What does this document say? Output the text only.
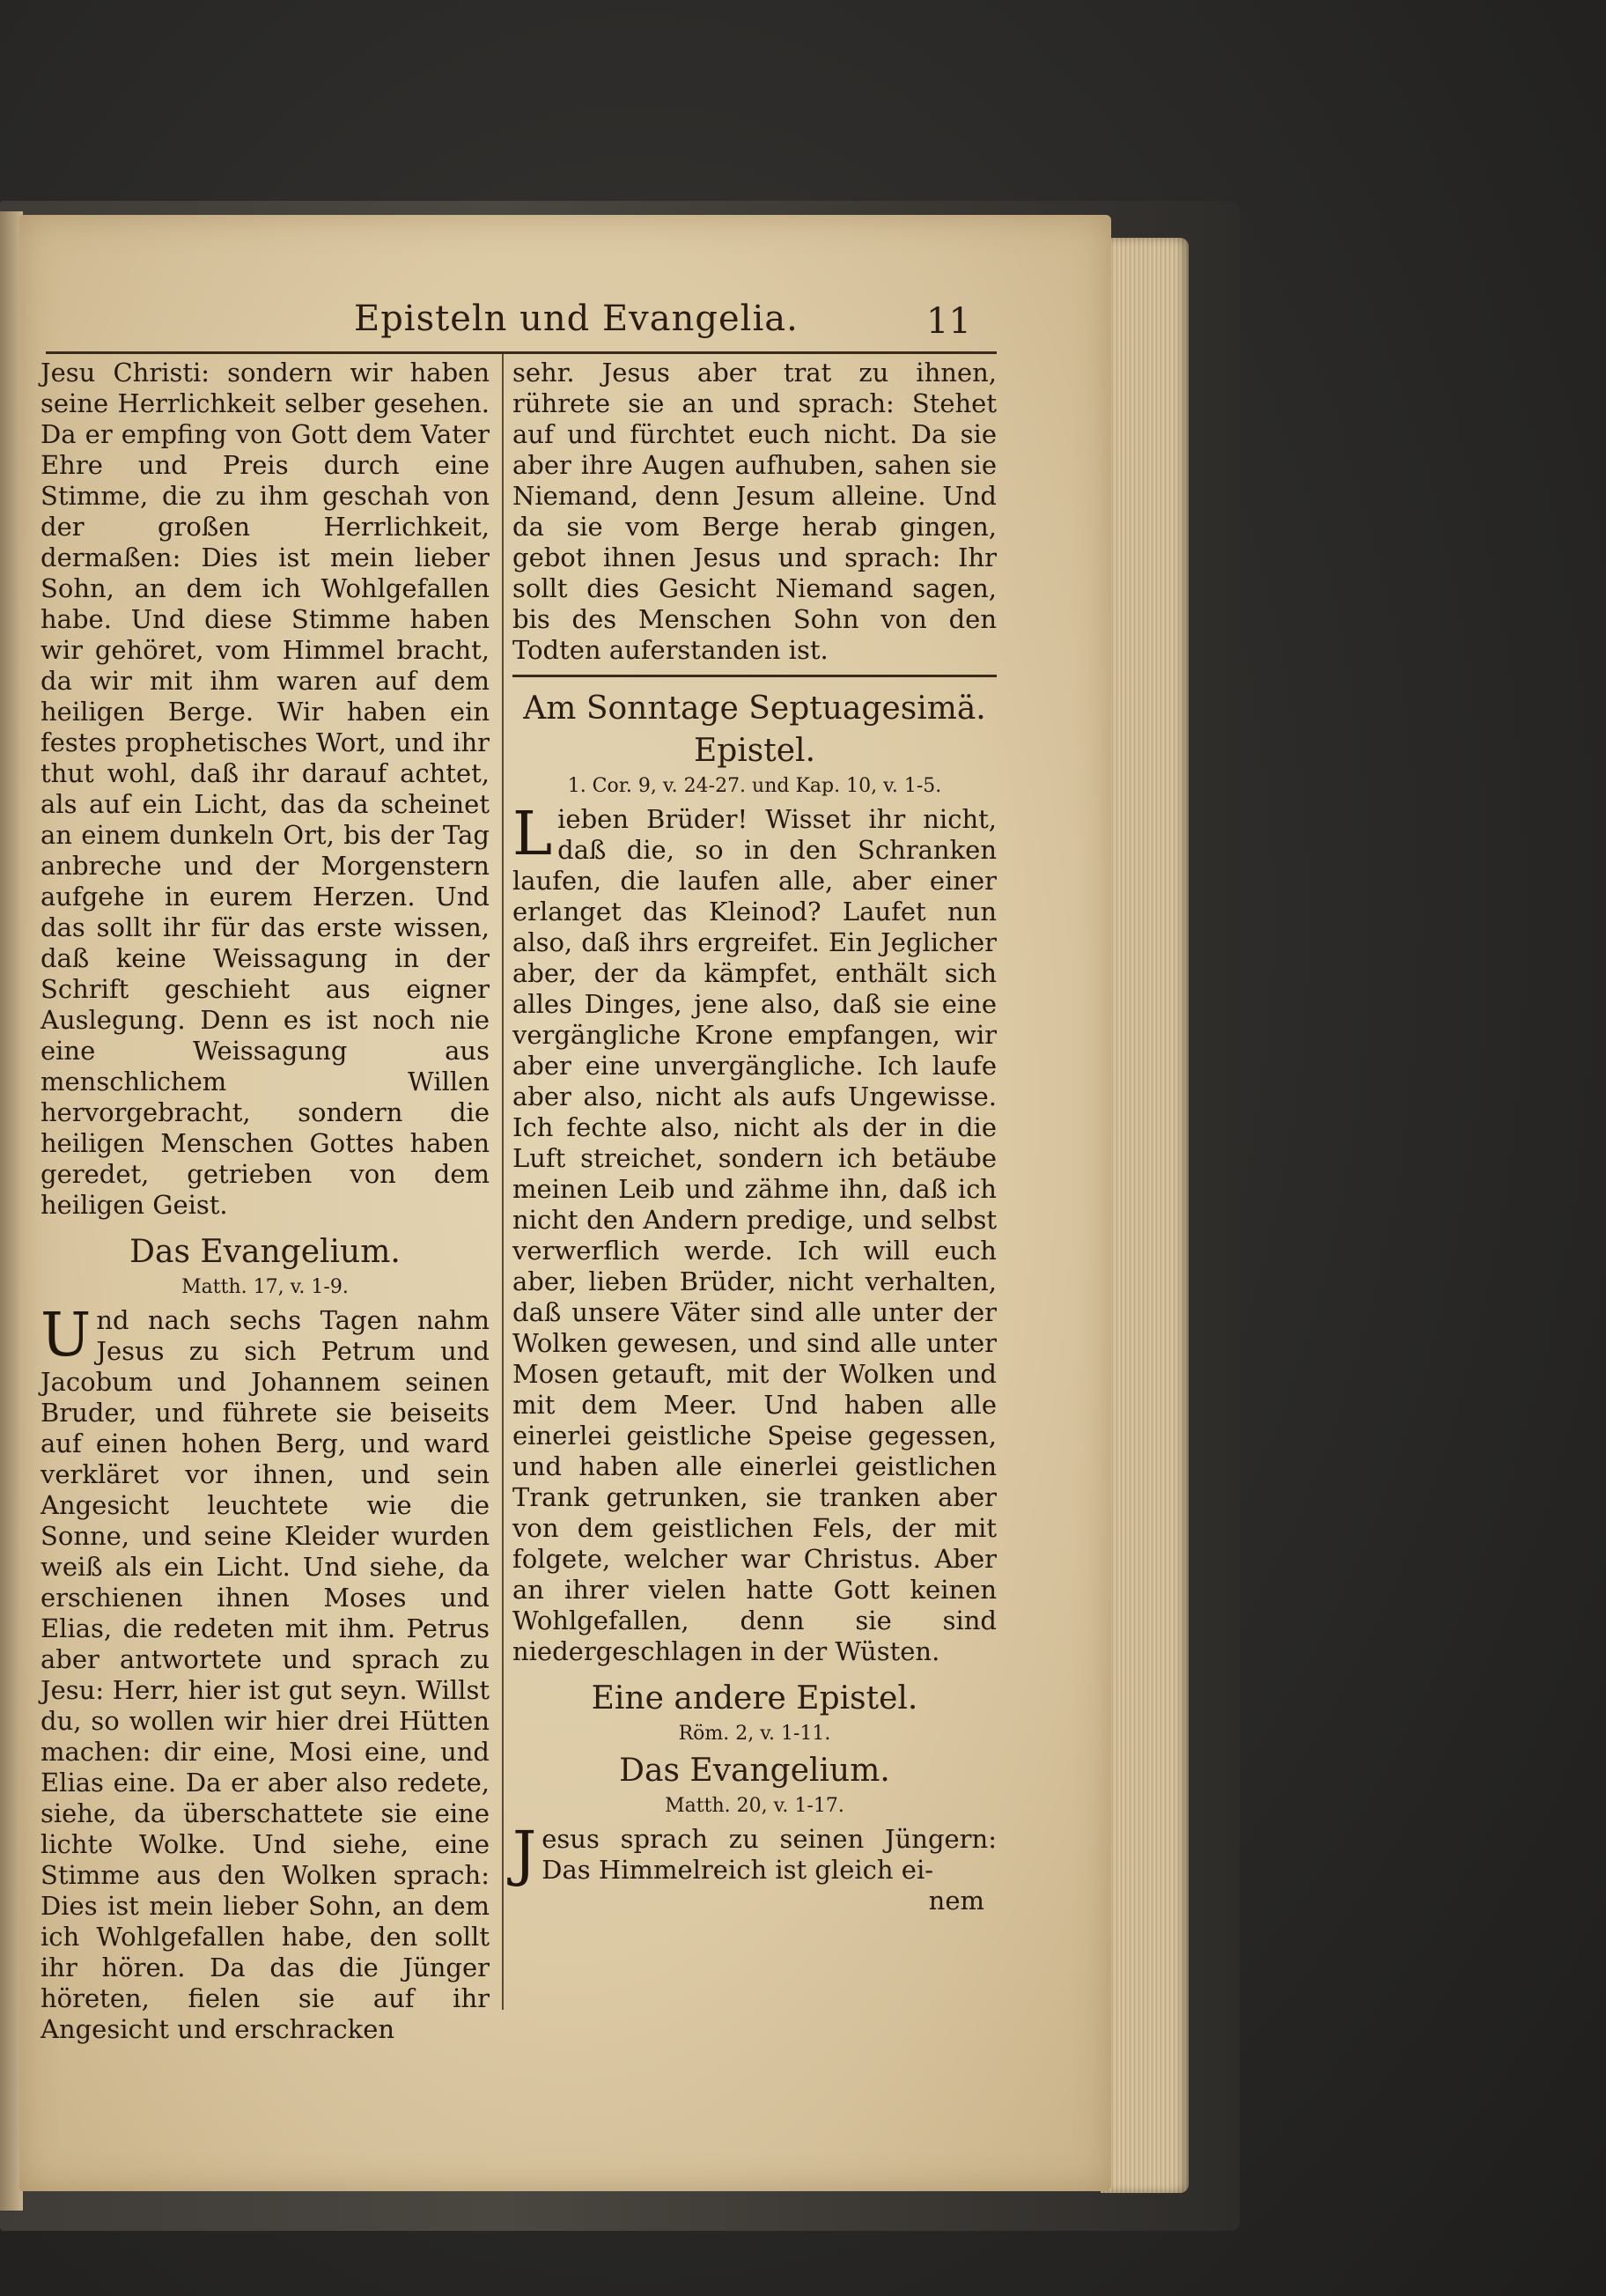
Episteln und Evangelia.	11

Jesu Christi: sondern wir haben seine Herrlichkeit selber gesehen. Da er empfing von Gott dem Vater Ehre und Preis durch eine Stimme, die zu ihm geschah von der großen Herrlichkeit, dermaßen: Dies ist mein lieber Sohn, an dem ich Wohlgefallen habe. Und diese Stimme haben wir gehöret, vom Himmel bracht, da wir mit ihm waren auf dem heiligen Berge. Wir haben ein festes prophetisches Wort, und ihr thut wohl, daß ihr darauf achtet, als auf ein Licht, das da scheinet an einem dunkeln Ort, bis der Tag anbreche und der Morgenstern aufgehe in eurem Herzen. Und das sollt ihr für das erste wissen, daß keine Weissagung in der Schrift geschieht aus eigner Auslegung. Denn es ist noch nie eine Weissagung aus menschlichem Willen hervorgebracht, sondern die heiligen Menschen Gottes haben geredet, getrieben von dem heiligen Geist.

Das Evangelium.
Matth. 17, v. 1-9.

Und nach sechs Tagen nahm Jesus zu sich Petrum und Jacobum und Johannem seinen Bruder, und führete sie beiseits auf einen hohen Berg, und ward verkläret vor ihnen, und sein Angesicht leuchtete wie die Sonne, und seine Kleider wurden weiß als ein Licht. Und siehe, da erschienen ihnen Moses und Elias, die redeten mit ihm. Petrus aber antwortete und sprach zu Jesu: Herr, hier ist gut seyn. Willst du, so wollen wir hier drei Hütten machen: dir eine, Mosi eine, und Elias eine. Da er aber also redete, siehe, da überschattete sie eine lichte Wolke. Und siehe, eine Stimme aus den Wolken sprach: Dies ist mein lieber Sohn, an dem ich Wohlgefallen habe, den sollt ihr hören. Da das die Jünger höreten, fielen sie auf ihr Angesicht und erschracken

sehr. Jesus aber trat zu ihnen, rührete sie an und sprach: Stehet auf und fürchtet euch nicht. Da sie aber ihre Augen aufhuben, sahen sie Niemand, denn Jesum alleine. Und da sie vom Berge herab gingen, gebot ihnen Jesus und sprach: Ihr sollt dies Gesicht Niemand sagen, bis des Menschen Sohn von den Todten auferstanden ist.

Am Sonntage Septuagesimä.
Epistel.
1. Cor. 9, v. 24-27. und Kap. 10, v. 1-5.

Lieben Brüder! Wisset ihr nicht, daß die, so in den Schranken laufen, die laufen alle, aber einer erlanget das Kleinod? Laufet nun also, daß ihrs ergreifet. Ein Jeglicher aber, der da kämpfet, enthält sich alles Dinges, jene also, daß sie eine vergängliche Krone empfangen, wir aber eine unvergängliche. Ich laufe aber also, nicht als aufs Ungewisse. Ich fechte also, nicht als der in die Luft streichet, sondern ich betäube meinen Leib und zähme ihn, daß ich nicht den Andern predige, und selbst verwerflich werde. Ich will euch aber, lieben Brüder, nicht verhalten, daß unsere Väter sind alle unter der Wolken gewesen, und sind alle unter Mosen getauft, mit der Wolken und mit dem Meer. Und haben alle einerlei geistliche Speise gegessen, und haben alle einerlei geistlichen Trank getrunken, sie tranken aber von dem geistlichen Fels, der mit folgete, welcher war Christus. Aber an ihrer vielen hatte Gott keinen Wohlgefallen, denn sie sind niedergeschlagen in der Wüsten.

Eine andere Epistel.
Röm. 2, v. 1-11.
Das Evangelium.
Matth. 20, v. 1-17.

Jesus sprach zu seinen Jüngern: Das Himmelreich ist gleich ei-

nem
